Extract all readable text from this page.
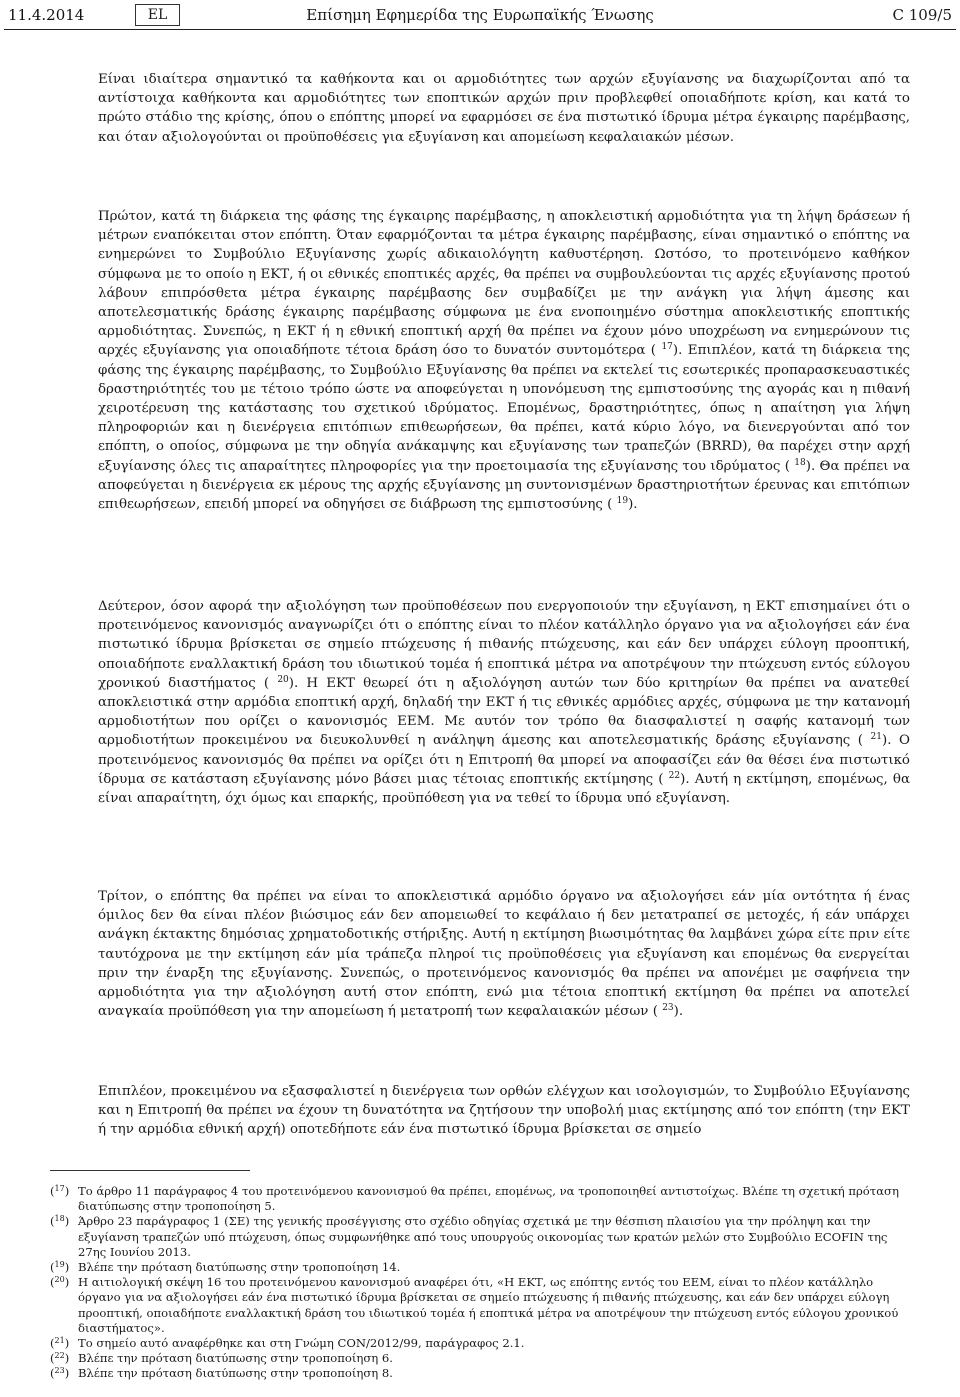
11.4.2014	EL	Επίσημη Εφημερίδα της Ευρωπαϊκής Ένωσης	C 109/5
Είναι ιδιαίτερα σημαντικό τα καθήκοντα και οι αρμοδιότητες των αρχών εξυγίανσης να διαχωρίζονται από τα αντίστοιχα καθήκοντα και αρμοδιότητες των εποπτικών αρχών πριν προβλεφθεί οποιαδήποτε κρίση, και κατά το πρώτο στάδιο της κρίσης, όπου ο επόπτης μπορεί να εφαρμόσει σε ένα πιστωτικό ίδρυμα μέτρα έγκαιρης παρέμβασης, και όταν αξιολογούνται οι προϋποθέσεις για εξυγίανση και απομείωση κεφαλαιακών μέσων.
Πρώτον, κατά τη διάρκεια της φάσης της έγκαιρης παρέμβασης, η αποκλειστική αρμοδιότητα για τη λήψη δράσεων ή μέτρων εναπόκειται στον επόπτη. Όταν εφαρμόζονται τα μέτρα έγκαιρης παρέμβασης, είναι σημαντικό ο επόπτης να ενημερώνει το Συμβούλιο Εξυγίανσης χωρίς αδικαιολόγητη καθυστέρηση. Ωστόσο, το προτεινόμενο καθήκον σύμφωνα με το οποίο η ΕΚΤ, ή οι εθνικές εποπτικές αρχές, θα πρέπει να συμβουλεύονται τις αρχές εξυγίανσης προτού λάβουν επιπρόσθετα μέτρα έγκαιρης παρέμβασης δεν συμβαδίζει με την ανάγκη για λήψη άμεσης και αποτελεσματικής δράσης έγκαιρης παρέμβασης σύμφωνα με ένα ενοποιημένο σύστημα αποκλειστικής εποπτικής αρμοδιότητας. Συνεπώς, η ΕΚΤ ή η εθνική εποπτική αρχή θα πρέπει να έχουν μόνο υποχρέωση να ενημερώνουν τις αρχές εξυγίανσης για οποιαδήποτε τέτοια δράση όσο το δυνατόν συντομότερα ( $^{17}$). Επιπλέον, κατά τη διάρκεια της φάσης της έγκαιρης παρέμβασης, το Συμβούλιο Εξυγίανσης θα πρέπει να εκτελεί τις εσωτερικές προπαρασκευαστικές δραστηριότητές του με τέτοιο τρόπο ώστε να αποφεύγεται η υπονόμευση της εμπιστοσύνης της αγοράς και η πιθανή χειροτέρευση της κατάστασης του σχετικού ιδρύματος. Επομένως, δραστηριότητες, όπως η απαίτηση για λήψη πληροφοριών και η διενέργεια επιτόπιων επιθεωρήσεων, θα πρέπει, κατά κύριο λόγο, να διενεργούνται από τον επόπτη, ο οποίος, σύμφωνα με την οδηγία ανάκαμψης και εξυγίανσης των τραπεζών (BRRD), θα παρέχει στην αρχή εξυγίανσης όλες τις απαραίτητες πληροφορίες για την προετοιμασία της εξυγίανσης του ιδρύματος ( $^{18}$). Θα πρέπει να αποφεύγεται η διενέργεια εκ μέρους της αρχής εξυγίανσης μη συντονισμένων δραστηριοτήτων έρευνας και επιτόπιων επιθεωρήσεων, επειδή μπορεί να οδηγήσει σε διάβρωση της εμπιστοσύνης ( $^{19}$).
Δεύτερον, όσον αφορά την αξιολόγηση των προϋποθέσεων που ενεργοποιούν την εξυγίανση, η ΕΚΤ επισημαίνει ότι ο προτεινόμενος κανονισμός αναγνωρίζει ότι ο επόπτης είναι το πλέον κατάλληλο όργανο για να αξιολογήσει εάν ένα πιστωτικό ίδρυμα βρίσκεται σε σημείο πτώχευσης ή πιθανής πτώχευσης, και εάν δεν υπάρχει εύλογη προοπτική, οποιαδήποτε εναλλακτική δράση του ιδιωτικού τομέα ή εποπτικά μέτρα να αποτρέψουν την πτώχευση εντός εύλογου χρονικού διαστήματος ( $^{20}$). Η ΕΚΤ θεωρεί ότι η αξιολόγηση αυτών των δύο κριτηρίων θα πρέπει να ανατεθεί αποκλειστικά στην αρμόδια εποπτική αρχή, δηλαδή την ΕΚΤ ή τις εθνικές αρμόδιες αρχές, σύμφωνα με την κατανομή αρμοδιοτήτων που ορίζει ο κανονισμός ΕΕΜ. Με αυτόν τον τρόπο θα διασφαλιστεί η σαφής κατανομή των αρμοδιοτήτων προκειμένου να διευκολυνθεί η ανάληψη άμεσης και αποτελεσματικής δράσης εξυγίανσης ( $^{21}$). Ο προτεινόμενος κανονισμός θα πρέπει να ορίζει ότι η Επιτροπή θα μπορεί να αποφασίζει εάν θα θέσει ένα πιστωτικό ίδρυμα σε κατάσταση εξυγίανσης μόνο βάσει μιας τέτοιας εποπτικής εκτίμησης ( $^{22}$). Αυτή η εκτίμηση, επομένως, θα είναι απαραίτητη, όχι όμως και επαρκής, προϋπόθεση για να τεθεί το ίδρυμα υπό εξυγίανση.
Τρίτον, ο επόπτης θα πρέπει να είναι το αποκλειστικά αρμόδιο όργανο να αξιολογήσει εάν μία οντότητα ή ένας όμιλος δεν θα είναι πλέον βιώσιμος εάν δεν απομειωθεί το κεφάλαιο ή δεν μετατραπεί σε μετοχές, ή εάν υπάρχει ανάγκη έκτακτης δημόσιας χρηματοδοτικής στήριξης. Αυτή η εκτίμηση βιωσιμότητας θα λαμβάνει χώρα είτε πριν είτε ταυτόχρονα με την εκτίμηση εάν μία τράπεζα πληροί τις προϋποθέσεις για εξυγίανση και επομένως θα ενεργείται πριν την έναρξη της εξυγίανσης. Συνεπώς, ο προτεινόμενος κανονισμός θα πρέπει να απονέμει με σαφήνεια την αρμοδιότητα για την αξιολόγηση αυτή στον επόπτη, ενώ μια τέτοια εποπτική εκτίμηση θα πρέπει να αποτελεί αναγκαία προϋπόθεση για την απομείωση ή μετατροπή των κεφαλαιακών μέσων ( $^{23}$).
Επιπλέον, προκειμένου να εξασφαλιστεί η διενέργεια των ορθών ελέγχων και ισολογισμών, το Συμβούλιο Εξυγίανσης και η Επιτροπή θα πρέπει να έχουν τη δυνατότητα να ζητήσουν την υποβολή μιας εκτίμησης από τον επόπτη (την ΕΚΤ ή την αρμόδια εθνική αρχή) οποτεδήποτε εάν ένα πιστωτικό ίδρυμα βρίσκεται σε σημείο
($^{17}$) Το άρθρο 11 παράγραφος 4 του προτεινόμενου κανονισμού θα πρέπει, επομένως, να τροποποιηθεί αντιστοίχως. Βλέπε τη σχετική πρόταση διατύπωσης στην τροποποίηση 5.
($^{18}$) Άρθρο 23 παράγραφος 1 (ΣΕ) της γενικής προσέγγισης στο σχέδιο οδηγίας σχετικά με την θέσπιση πλαισίου για την πρόληψη και την εξυγίανση τραπεζών υπό πτώχευση, όπως συμφωνήθηκε από τους υπουργούς οικονομίας των κρατών μελών στο Συμβούλιο ECOFIN της 27ης Ιουνίου 2013.
($^{19}$) Βλέπε την πρόταση διατύπωσης στην τροποποίηση 14.
($^{20}$) Η αιτιολογική σκέψη 16 του προτεινόμενου κανονισμού αναφέρει ότι, «Η ΕΚΤ, ως επόπτης εντός του ΕΕΜ, είναι το πλέον κατάλληλο όργανο για να αξιολογήσει εάν ένα πιστωτικό ίδρυμα βρίσκεται σε σημείο πτώχευσης ή πιθανής πτώχευσης, και εάν δεν υπάρχει εύλογη προοπτική, οποιαδήποτε εναλλακτική δράση του ιδιωτικού τομέα ή εποπτικά μέτρα να αποτρέψουν την πτώχευση εντός εύλογου χρονικού διαστήματος».
($^{21}$) Το σημείο αυτό αναφέρθηκε και στη Γνώμη CON/2012/99, παράγραφος 2.1.
($^{22}$) Βλέπε την πρόταση διατύπωσης στην τροποποίηση 6.
($^{23}$) Βλέπε την πρόταση διατύπωσης στην τροποποίηση 8.
